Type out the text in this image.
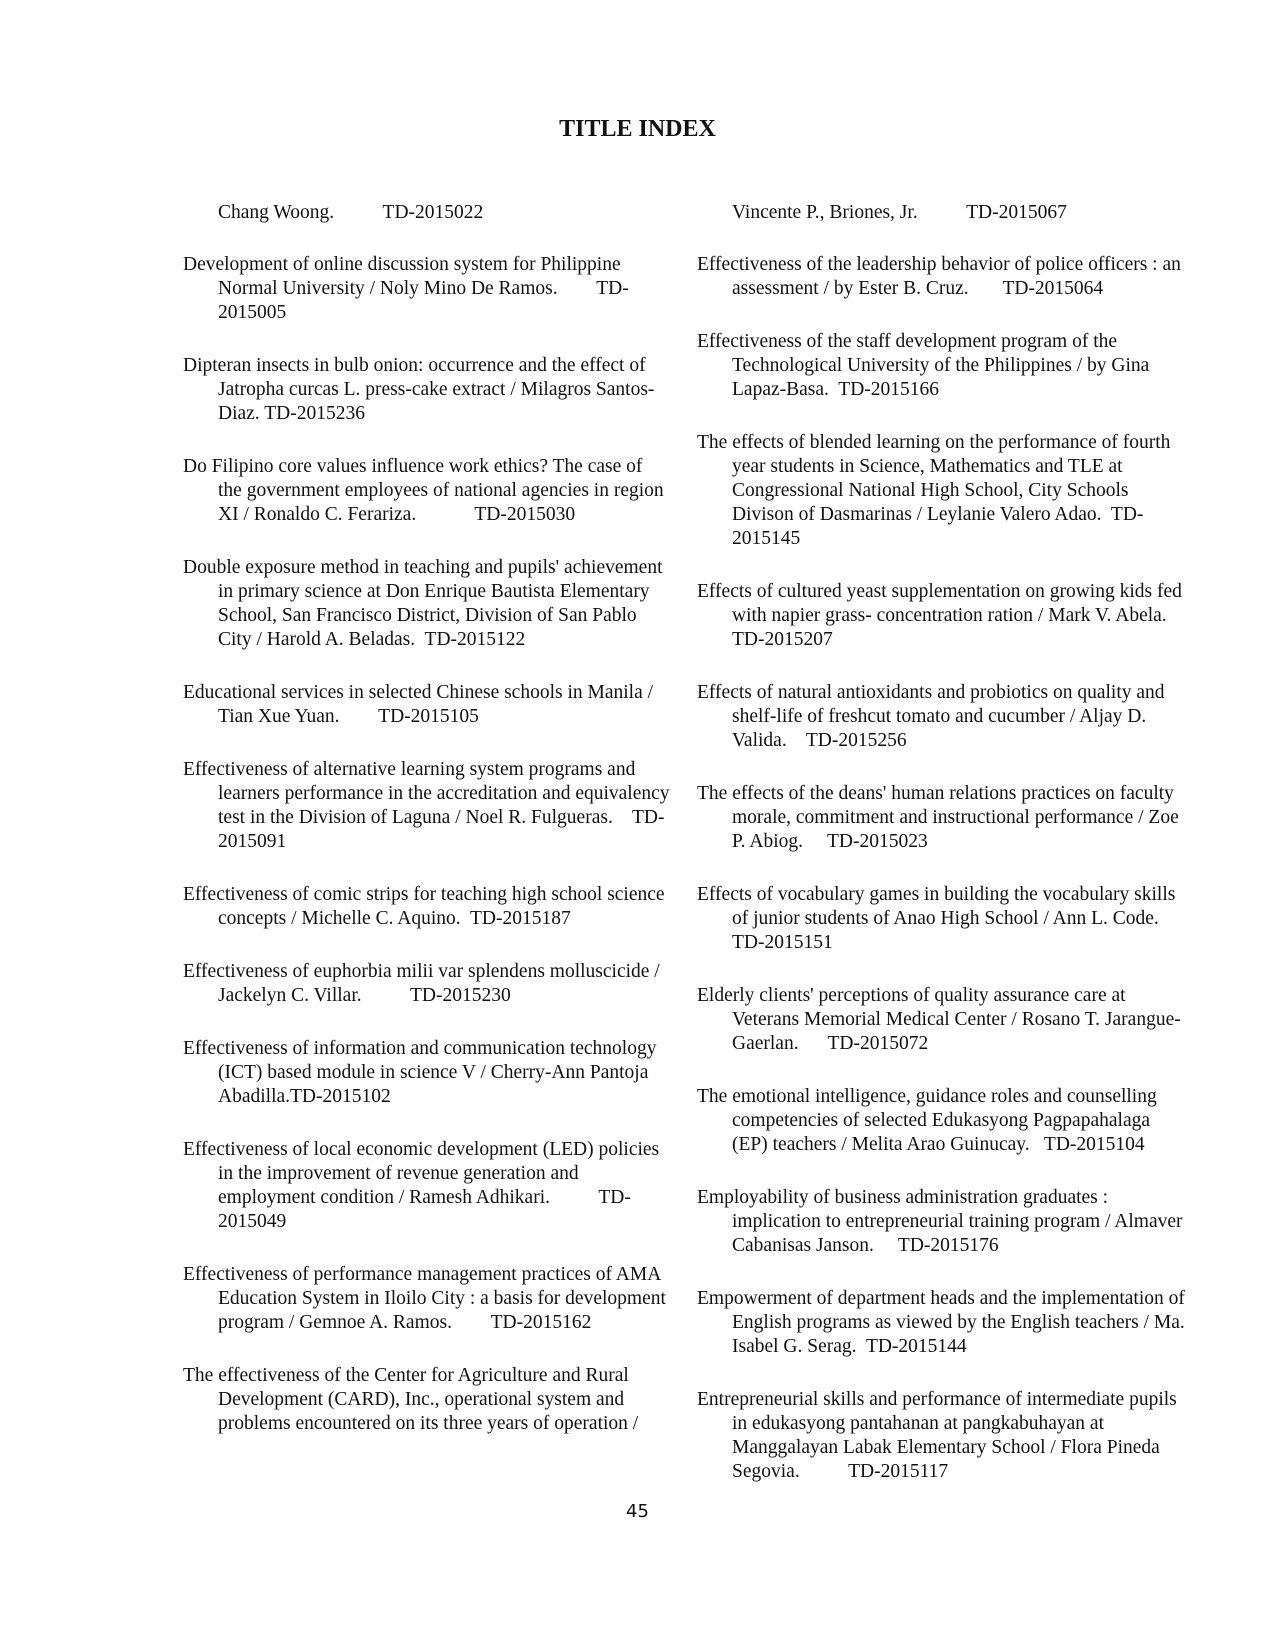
TITLE INDEX

Chang Woong.          TD-2015022

Development of online discussion system for Philippine Normal University / Noly Mino De Ramos.        TD-2015005

Dipteran insects in bulb onion: occurrence and the effect of Jatropha curcas L. press-cake extract / Milagros Santos-Diaz. TD-2015236

Do Filipino core values influence work ethics? The case of the government employees of national agencies in region XI / Ronaldo C. Ferariza.            TD-2015030

Double exposure method in teaching and pupils' achievement in primary science at Don Enrique Bautista Elementary School, San Francisco District, Division of San Pablo City / Harold A. Beladas.  TD-2015122

Educational services in selected Chinese schools in Manila / Tian Xue Yuan.        TD-2015105

Effectiveness of alternative learning system programs and learners performance in the accreditation and equivalency test in the Division of Laguna / Noel R. Fulgueras.    TD-2015091

Effectiveness of comic strips for teaching high school science concepts / Michelle C. Aquino.  TD-2015187

Effectiveness of euphorbia milii var splendens molluscicide / Jackelyn C. Villar.          TD-2015230

Effectiveness of information and communication technology (ICT) based module in science V / Cherry-Ann Pantoja Abadilla.TD-2015102

Effectiveness of local economic development (LED) policies in the improvement of revenue generation and employment condition / Ramesh Adhikari.          TD-2015049

Effectiveness of performance management practices of AMA Education System in Iloilo City : a basis for development program / Gemnoe A. Ramos.        TD-2015162

The effectiveness of the Center for Agriculture and Rural Development (CARD), Inc., operational system and problems encountered on its three years of operation /

Vincente P., Briones, Jr.          TD-2015067

Effectiveness of the leadership behavior of police officers : an assessment / by Ester B. Cruz.       TD-2015064

Effectiveness of the staff development program of the Technological University of the Philippines / by Gina Lapaz-Basa.  TD-2015166

The effects of blended learning on the performance of fourth year students in Science, Mathematics and TLE at Congressional National High School, City Schools Divison of Dasmarinas / Leylanie Valero Adao.  TD-2015145

Effects of cultured yeast supplementation on growing kids fed with napier grass- concentration ration / Mark V. Abela.          TD-2015207

Effects of natural antioxidants and probiotics on quality and shelf-life of freshcut tomato and cucumber / Aljay D. Valida.    TD-2015256

The effects of the deans' human relations practices on faculty morale, commitment and instructional performance / Zoe P. Abiog.     TD-2015023

Effects of vocabulary games in building the vocabulary skills of junior students of Anao High School / Ann L. Code.          TD-2015151

Elderly clients' perceptions of quality assurance care at Veterans Memorial Medical Center / Rosano T. Jarangue-Gaerlan.      TD-2015072

The emotional intelligence, guidance roles and counselling competencies of selected Edukasyong Pagpapahalaga (EP) teachers / Melita Arao Guinucay.   TD-2015104

Employability of business administration graduates : implication to entrepreneurial training program / Almaver Cabanisas Janson.     TD-2015176

Empowerment of department heads and the implementation of English programs as viewed by the English teachers / Ma. Isabel G. Serag.  TD-2015144

Entrepreneurial skills and performance of intermediate pupils in edukasyong pantahanan at pangkabuhayan at Manggalayan Labak Elementary School / Flora Pineda Segovia.          TD-2015117

45
